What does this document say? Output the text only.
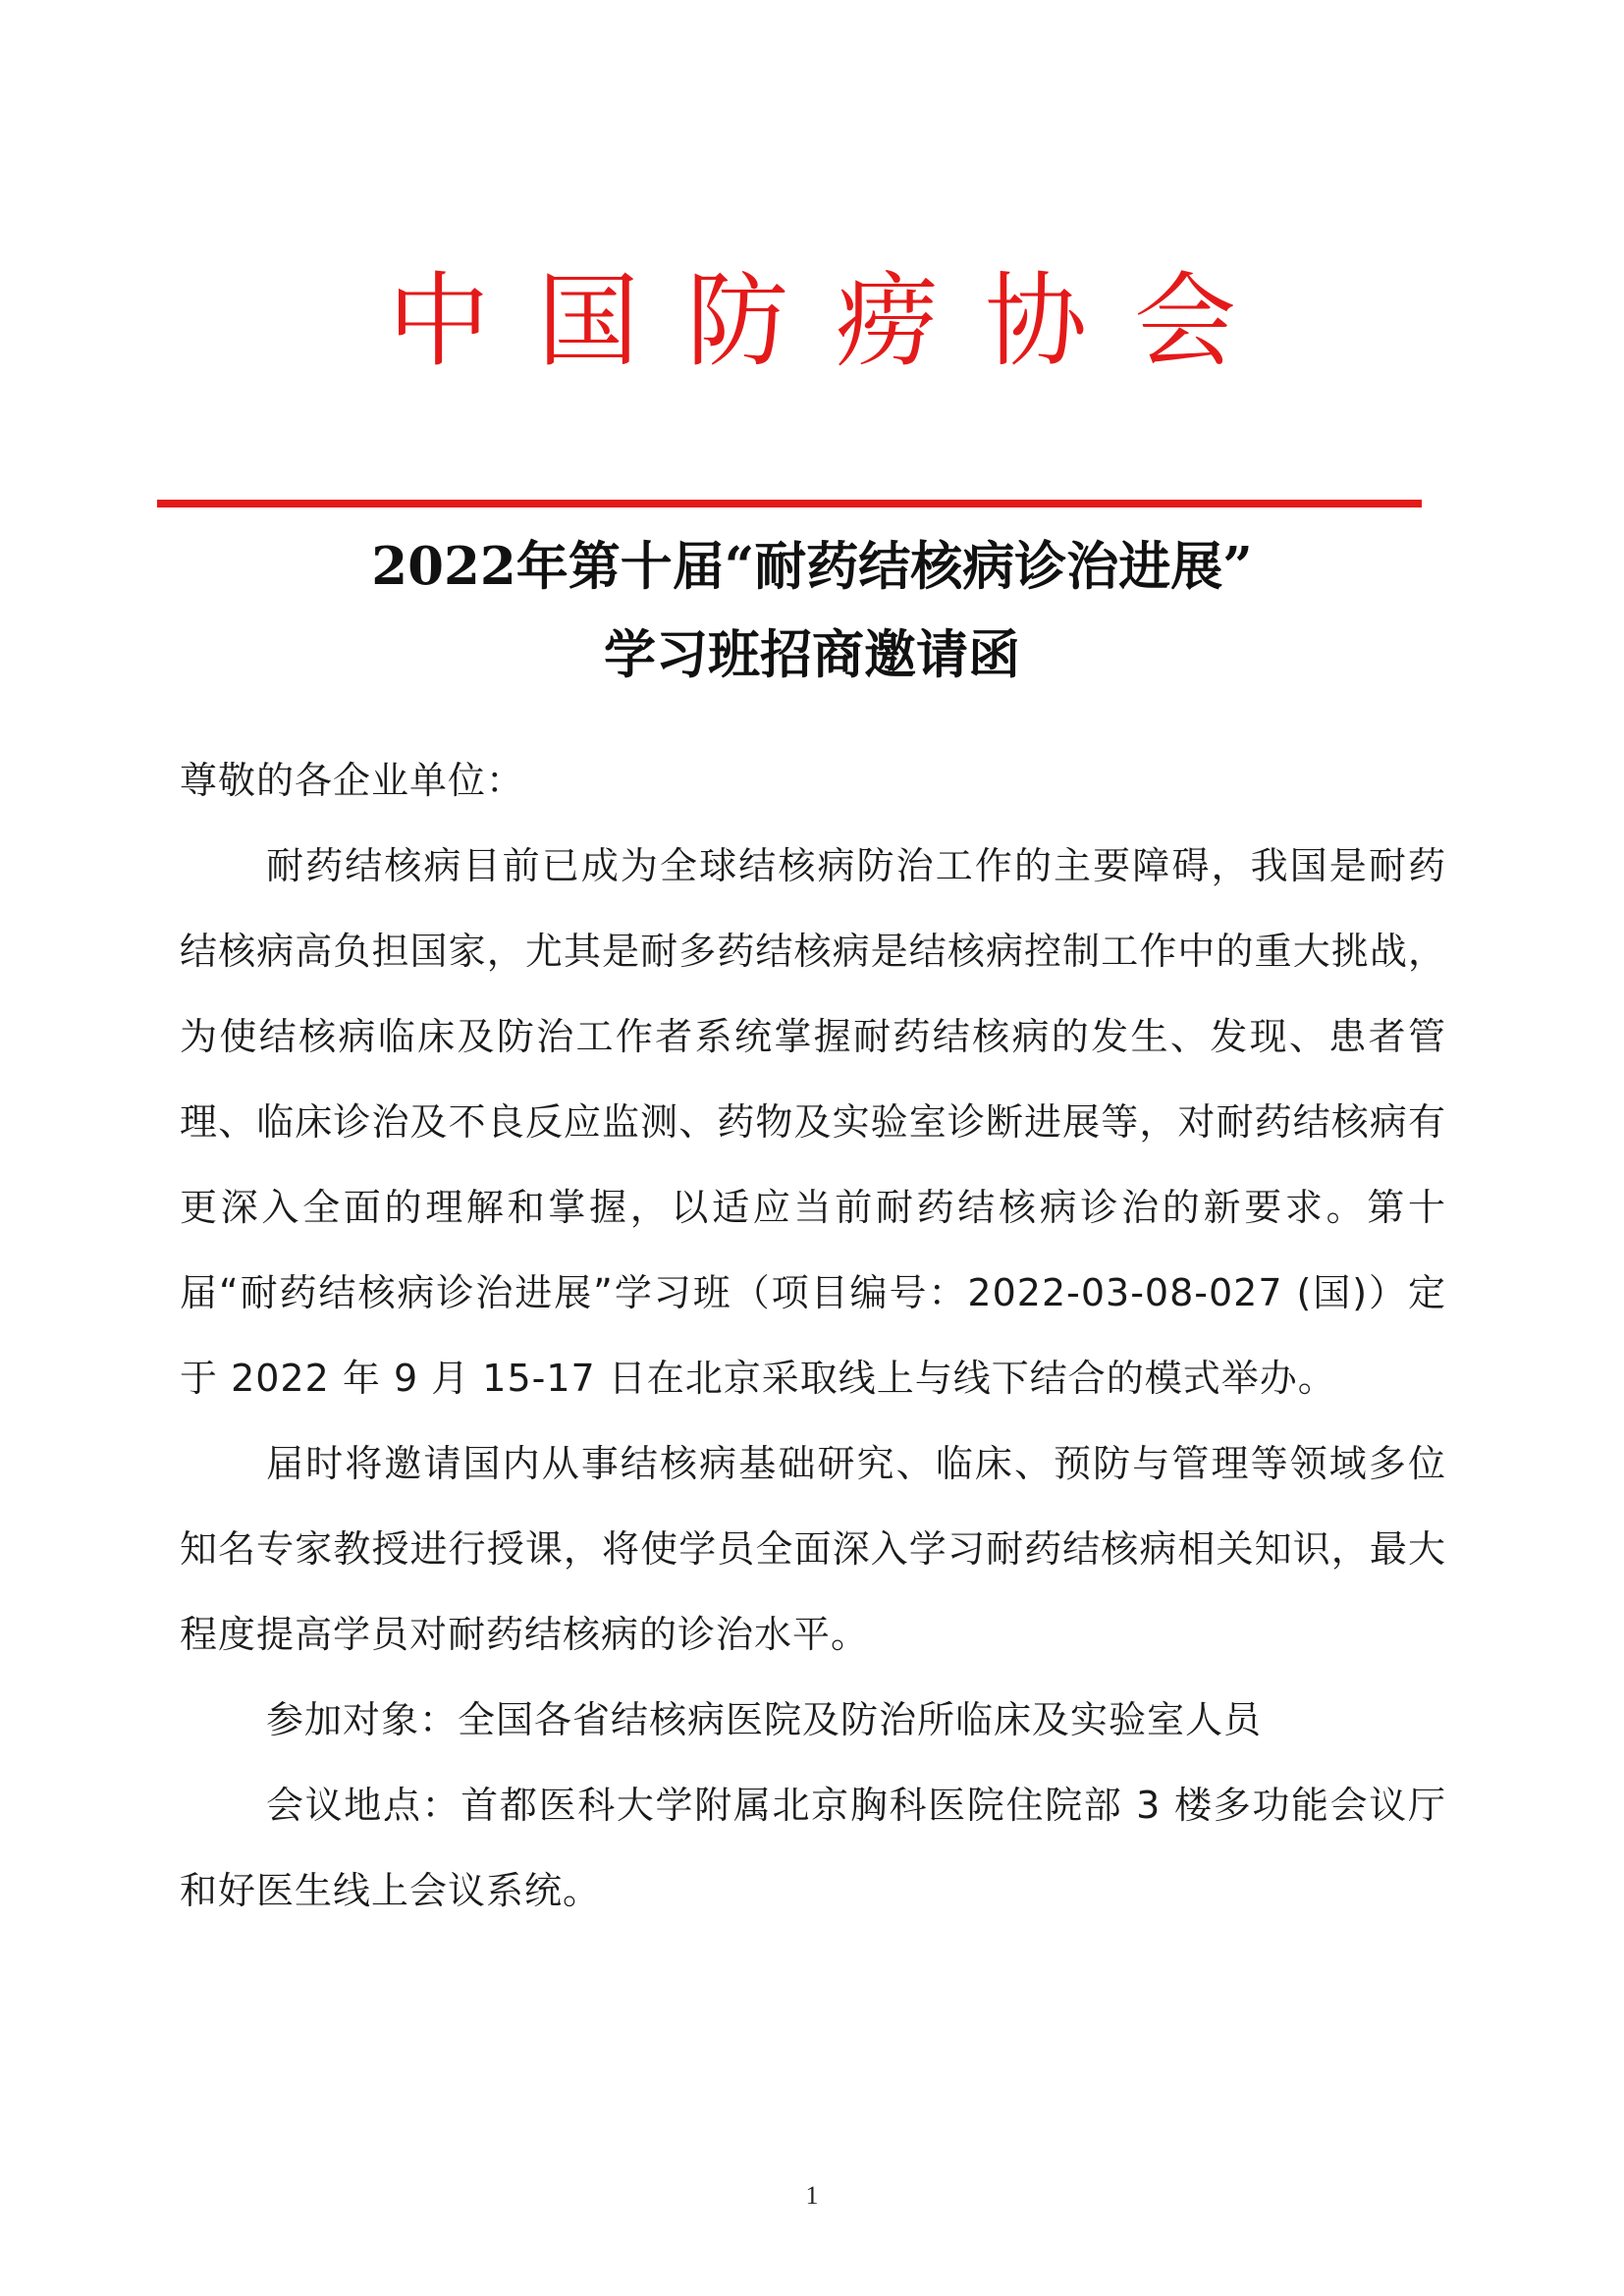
中国防痨协会
2022年第十届“耐药结核病诊治进展”
学习班招商邀请函

尊敬的各企业单位：

耐药结核病目前已成为全球结核病防治工作的主要障碍，我国是耐药结核病高负担国家，尤其是耐多药结核病是结核病控制工作中的重大挑战，为使结核病临床及防治工作者系统掌握耐药结核病的发生、发现、患者管理、临床诊治及不良反应监测、药物及实验室诊断进展等，对耐药结核病有更深入全面的理解和掌握，以适应当前耐药结核病诊治的新要求。第十届“耐药结核病诊治进展”学习班（项目编号：2022-03-08-027 (国)）定于 2022 年 9 月 15-17 日在北京采取线上与线下结合的模式举办。

届时将邀请国内从事结核病基础研究、临床、预防与管理等领域多位知名专家教授进行授课，将使学员全面深入学习耐药结核病相关知识，最大程度提高学员对耐药结核病的诊治水平。

参加对象：全国各省结核病医院及防治所临床及实验室人员

会议地点：首都医科大学附属北京胸科医院住院部 3 楼多功能会议厅和好医生线上会议系统。

1
